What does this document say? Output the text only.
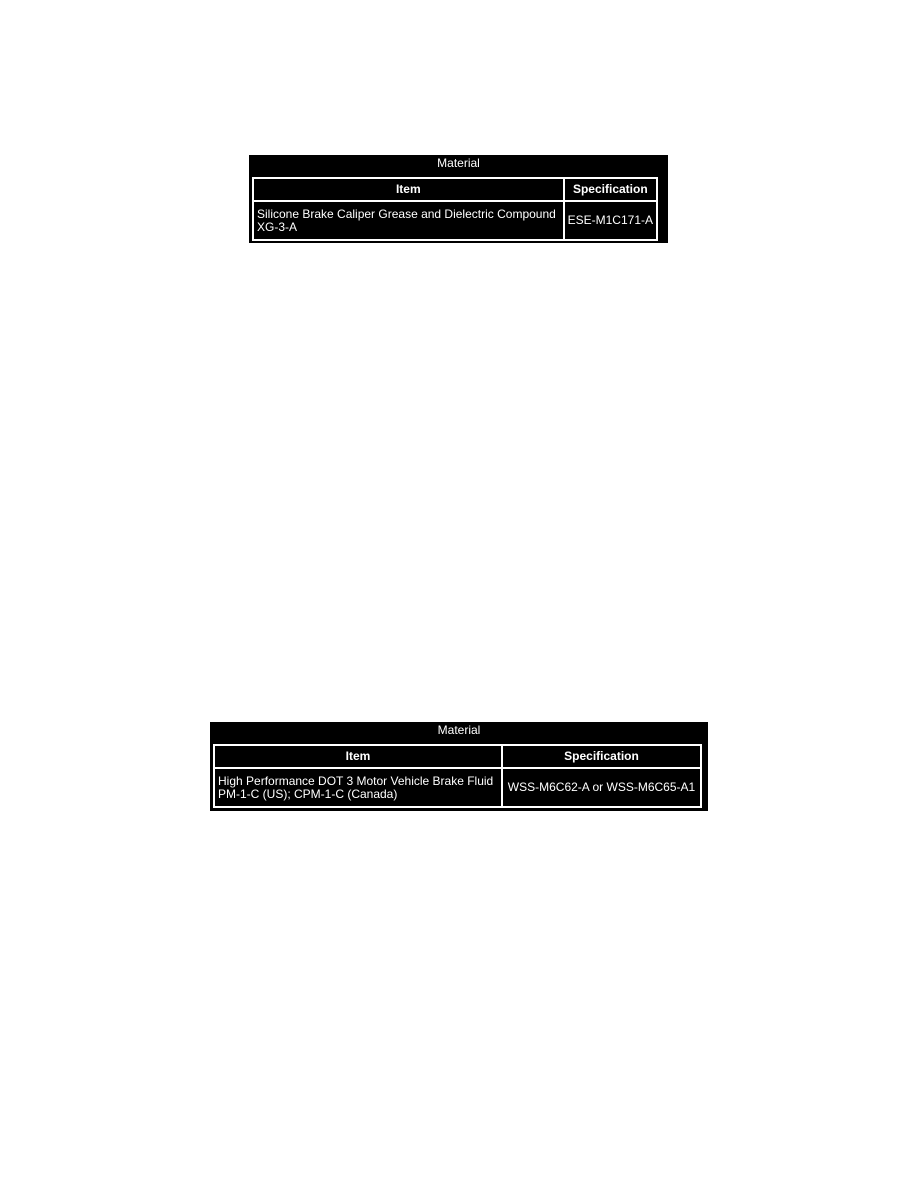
Material
Item	Specification
Silicone Brake Caliper Grease and Dielectric Compound XG-3-A	ESE-M1C171-A
Material
Item	Specification
High Performance DOT 3 Motor Vehicle Brake Fluid PM-1-C (US); CPM-1-C (Canada)	WSS-M6C62-A or WSS-M6C65-A1
